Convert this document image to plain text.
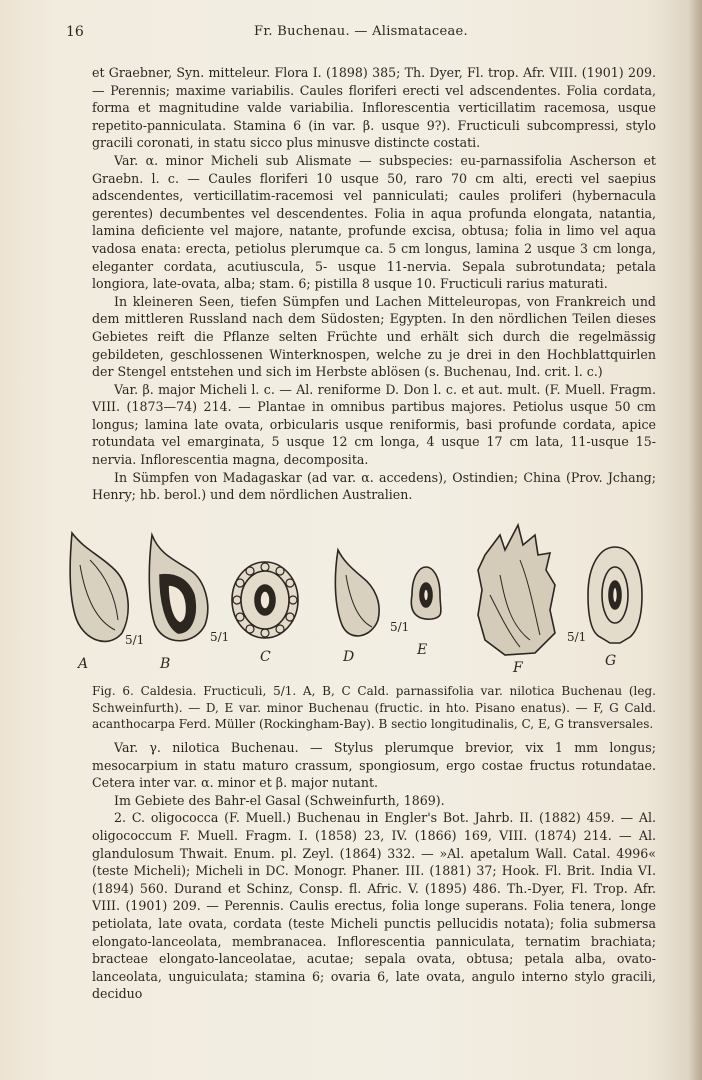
16	Fr. Buchenau. — Alismataceae.

et Graebner, Syn. mitteleur. Flora I. (1898) 385; Th. Dyer, Fl. trop. Afr. VIII. (1901) 209. — Perennis; maxime variabilis. Caules floriferi erecti vel adscendentes. Folia cordata, forma et magnitudine valde variabilia. Inflorescentia verticillatim racemosa, usque repetito-panniculata. Stamina 6 (in var. β. usque 9?). Fructiculi subcompressi, stylo gracili coronati, in statu sicco plus minusve distincte costati.

Var. α. minor Micheli sub Alismate — subspecies: eu-parnassifolia Ascherson et Graebn. l. c. — Caules floriferi 10 usque 50, raro 70 cm alti, erecti vel saepius adscendentes, verticillatim-racemosi vel panniculati; caules proliferi (hybernacula gerentes) decumbentes vel descendentes. Folia in aqua profunda elongata, natantia, lamina deficiente vel majore, natante, profunde excisa, obtusa; folia in limo vel aqua vadosa enata: erecta, petiolus plerumque ca. 5 cm longus, lamina 2 usque 3 cm longa, eleganter cordata, acutiuscula, 5- usque 11-nervia. Sepala subrotundata; petala longiora, late-ovata, alba; stam. 6; pistilla 8 usque 10. Fructiculi rarius maturati.

In kleineren Seen, tiefen Sümpfen und Lachen Mitteleuropas, von Frankreich und dem mittleren Russland nach dem Südosten; Egypten. In den nördlichen Teilen dieses Gebietes reift die Pflanze selten Früchte und erhält sich durch die regelmässig gebildeten, geschlossenen Winterknospen, welche zu je drei in den Hochblattquirlen der Stengel entstehen und sich im Herbste ablösen (s. Buchenau, Ind. crit. l. c.)

Var. β. major Micheli l. c. — Al. reniforme D. Don l. c. et aut. mult. (F. Muell. Fragm. VIII. (1873—74) 214. — Plantae in omnibus partibus majores. Petiolus usque 50 cm longus; lamina late ovata, orbicularis usque reniformis, basi profunde cordata, apice rotundata vel emarginata, 5 usque 12 cm longa, 4 usque 17 cm lata, 11-usque 15-nervia. Inflorescentia magna, decomposita.

In Sümpfen von Madagaskar (ad var. α. accedens), Ostindien; China (Prov. Jchang; Henry; hb. berol.) und dem nördlichen Australien.

A	B	C	D	E
F	G
5/1	5/1
5/1
5/1
Fig. 6. Caldesia. Fructiculi, 5/1. A, B, C Cald. parnassifolia var. nilotica Buchenau (leg. Schweinfurth). — D, E var. minor Buchenau (fructic. in hto. Pisano enatus). — F, G Cald. acanthocarpa Ferd. Müller (Rockingham-Bay). B sectio longitudinalis, C, E, G transversales.

Var. γ. nilotica Buchenau. — Stylus plerumque brevior, vix 1 mm longus; mesocarpium in statu maturo crassum, spongiosum, ergo costae fructus rotundatae. Cetera inter var. α. minor et β. major nutant.

Im Gebiete des Bahr-el Gasal (Schweinfurth, 1869).

2. C. oligococca (F. Muell.) Buchenau in Engler's Bot. Jahrb. II. (1882) 459. — Al. oligococcum F. Muell. Fragm. I. (1858) 23, IV. (1866) 169, VIII. (1874) 214. — Al. glandulosum Thwait. Enum. pl. Zeyl. (1864) 332. — »Al. apetalum Wall. Catal. 4996« (teste Micheli); Micheli in DC. Monogr. Phaner. III. (1881) 37; Hook. Fl. Brit. India VI. (1894) 560. Durand et Schinz, Consp. fl. Afric. V. (1895) 486. Th.-Dyer, Fl. Trop. Afr. VIII. (1901) 209. — Perennis. Caulis erectus, folia longe superans. Folia tenera, longe petiolata, late ovata, cordata (teste Micheli punctis pellucidis notata); folia submersa elongato-lanceolata, membranacea. Inflorescentia panniculata, ternatim brachiata; bracteae elongato-lanceolatae, acutae; sepala ovata, obtusa; petala alba, ovato-lanceolata, unguiculata; stamina 6; ovaria 6, late ovata, angulo interno stylo gracili, deciduo
